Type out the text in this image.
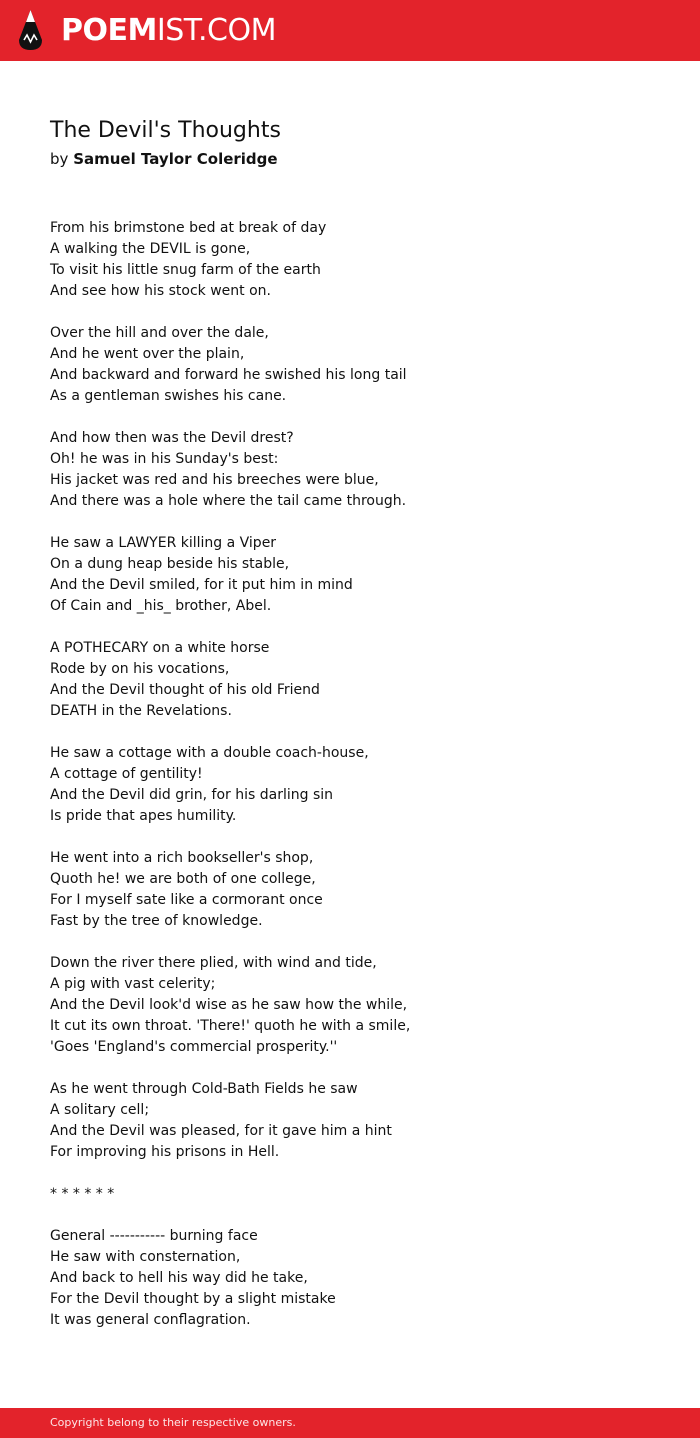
POEMIST.COM
The Devil's Thoughts
by Samuel Taylor Coleridge
From his brimstone bed at break of day
A walking the DEVIL is gone,
To visit his little snug farm of the earth
And see how his stock went on.
Over the hill and over the dale,
And he went over the plain,
And backward and forward he swished his long tail
As a gentleman swishes his cane.
And how then was the Devil drest?
Oh! he was in his Sunday's best:
His jacket was red and his breeches were blue,
And there was a hole where the tail came through.
He saw a LAWYER killing a Viper
On a dung heap beside his stable,
And the Devil smiled, for it put him in mind
Of Cain and _his_ brother, Abel.
A POTHECARY on a white horse
Rode by on his vocations,
And the Devil thought of his old Friend
DEATH in the Revelations.
He saw a cottage with a double coach-house,
A cottage of gentility!
And the Devil did grin, for his darling sin
Is pride that apes humility.
He went into a rich bookseller's shop,
Quoth he! we are both of one college,
For I myself sate like a cormorant once
Fast by the tree of knowledge.
Down the river there plied, with wind and tide,
A pig with vast celerity;
And the Devil look'd wise as he saw how the while,
It cut its own throat. 'There!' quoth he with a smile,
'Goes 'England's commercial prosperity.''
As he went through Cold-Bath Fields he saw
A solitary cell;
And the Devil was pleased, for it gave him a hint
For improving his prisons in Hell.
* * * * * *
General ----------- burning face
He saw with consternation,
And back to hell his way did he take,
For the Devil thought by a slight mistake
It was general conflagration.
Copyright belong to their respective owners.
